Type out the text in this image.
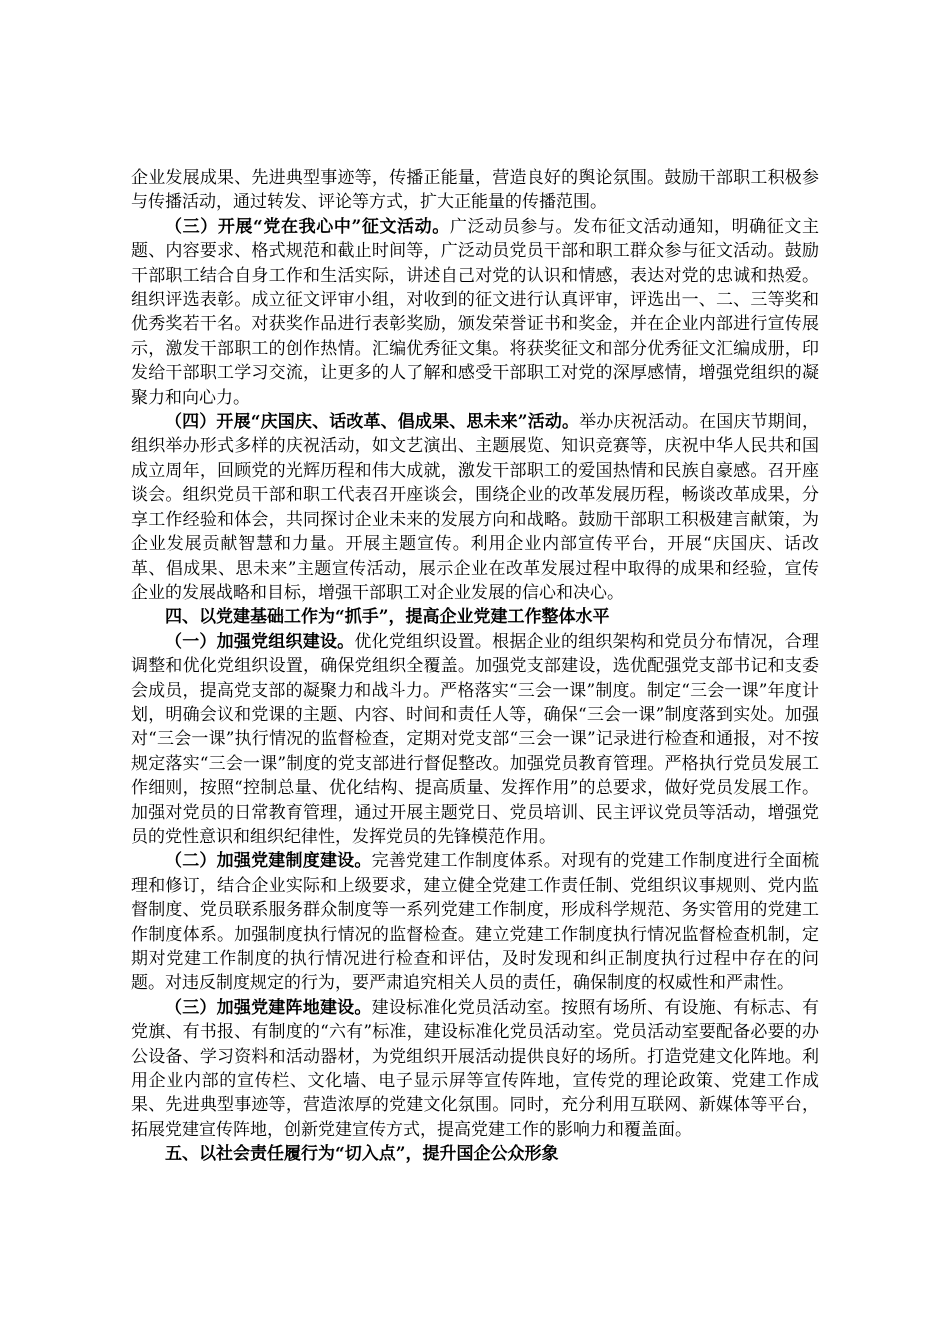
企业发展成果、先进典型事迹等，传播正能量，营造良好的舆论氛围。鼓励干部职工积极参与传播活动，通过转发、评论等方式，扩大正能量的传播范围。

（三）开展“党在我心中”征文活动。广泛动员参与。发布征文活动通知，明确征文主题、内容要求、格式规范和截止时间等，广泛动员党员干部和职工群众参与征文活动。鼓励干部职工结合自身工作和生活实际，讲述自己对党的认识和情感，表达对党的忠诚和热爱。组织评选表彰。成立征文评审小组，对收到的征文进行认真评审，评选出一、二、三等奖和优秀奖若干名。对获奖作品进行表彰奖励，颁发荣誉证书和奖金，并在企业内部进行宣传展示，激发干部职工的创作热情。汇编优秀征文集。将获奖征文和部分优秀征文汇编成册，印发给干部职工学习交流，让更多的人了解和感受干部职工对党的深厚感情，增强党组织的凝聚力和向心力。

（四）开展“庆国庆、话改革、倡成果、思未来”活动。举办庆祝活动。在国庆节期间，组织举办形式多样的庆祝活动，如文艺演出、主题展览、知识竞赛等，庆祝中华人民共和国成立周年，回顾党的光辉历程和伟大成就，激发干部职工的爱国热情和民族自豪感。召开座谈会。组织党员干部和职工代表召开座谈会，围绕企业的改革发展历程，畅谈改革成果，分享工作经验和体会，共同探讨企业未来的发展方向和战略。鼓励干部职工积极建言献策，为企业发展贡献智慧和力量。开展主题宣传。利用企业内部宣传平台，开展“庆国庆、话改革、倡成果、思未来”主题宣传活动，展示企业在改革发展过程中取得的成果和经验，宣传企业的发展战略和目标，增强干部职工对企业发展的信心和决心。

四、以党建基础工作为“抓手”，提高企业党建工作整体水平

（一）加强党组织建设。优化党组织设置。根据企业的组织架构和党员分布情况，合理调整和优化党组织设置，确保党组织全覆盖。加强党支部建设，选优配强党支部书记和支委会成员，提高党支部的凝聚力和战斗力。严格落实“三会一课”制度。制定“三会一课”年度计划，明确会议和党课的主题、内容、时间和责任人等，确保“三会一课”制度落到实处。加强对“三会一课”执行情况的监督检查，定期对党支部“三会一课”记录进行检查和通报，对不按规定落实“三会一课”制度的党支部进行督促整改。加强党员教育管理。严格执行党员发展工作细则，按照“控制总量、优化结构、提高质量、发挥作用”的总要求，做好党员发展工作。加强对党员的日常教育管理，通过开展主题党日、党员培训、民主评议党员等活动，增强党员的党性意识和组织纪律性，发挥党员的先锋模范作用。

（二）加强党建制度建设。完善党建工作制度体系。对现有的党建工作制度进行全面梳理和修订，结合企业实际和上级要求，建立健全党建工作责任制、党组织议事规则、党内监督制度、党员联系服务群众制度等一系列党建工作制度，形成科学规范、务实管用的党建工作制度体系。加强制度执行情况的监督检查。建立党建工作制度执行情况监督检查机制，定期对党建工作制度的执行情况进行检查和评估，及时发现和纠正制度执行过程中存在的问题。对违反制度规定的行为，要严肃追究相关人员的责任，确保制度的权威性和严肃性。

（三）加强党建阵地建设。建设标准化党员活动室。按照有场所、有设施、有标志、有党旗、有书报、有制度的“六有”标准，建设标准化党员活动室。党员活动室要配备必要的办公设备、学习资料和活动器材，为党组织开展活动提供良好的场所。打造党建文化阵地。利用企业内部的宣传栏、文化墙、电子显示屏等宣传阵地，宣传党的理论政策、党建工作成果、先进典型事迹等，营造浓厚的党建文化氛围。同时，充分利用互联网、新媒体等平台，拓展党建宣传阵地，创新党建宣传方式，提高党建工作的影响力和覆盖面。

五、以社会责任履行为“切入点”，提升国企公众形象
